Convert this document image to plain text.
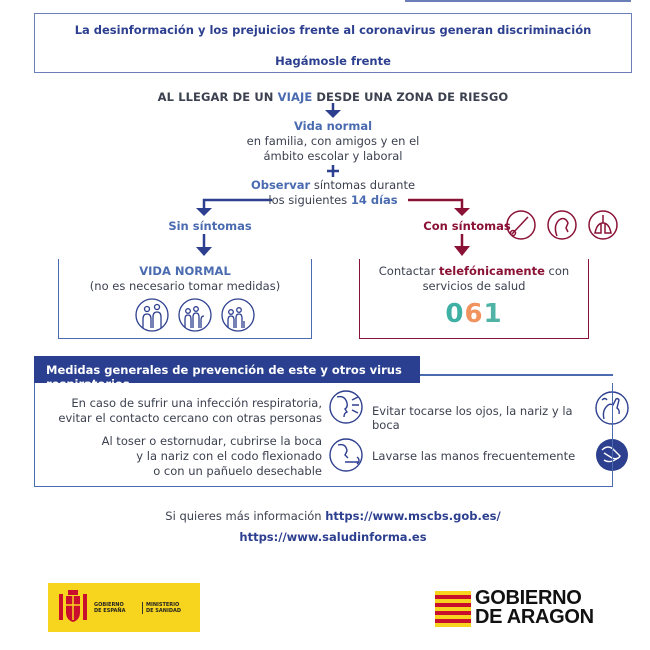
La desinformación y los prejuicios frente al coronavirus generan discriminación
Hagámosle frente
AL LLEGAR DE UN VIAJE DESDE UNA ZONA DE RIESGO
Vida normal
en familia, con amigos y en el
ámbito escolar y laboral
Observar síntomas durante
los siguientes 14 días
Sin síntomas	Con síntomas
VIDA NORMAL
(no es necesario tomar medidas)
Contactar telefónicamente con
servicios de salud
061
Medidas generales de prevención de este y otros virus respiratorios
En caso de sufrir una infección respiratoria,
evitar el contacto cercano con otras personas	Evitar tocarse los ojos, la nariz y la boca
Al toser o estornudar, cubrirse la boca
y la nariz con el codo flexionado
o con un pañuelo desechable
Lavarse las manos frecuentemente
Si quieres más información https://www.mscbs.gob.es/
https://www.saludinforma.es
GOBIERNO
DE ESPAÑA
MINISTERIO
DE SANIDAD
GOBIERNO
DE ARAGON
